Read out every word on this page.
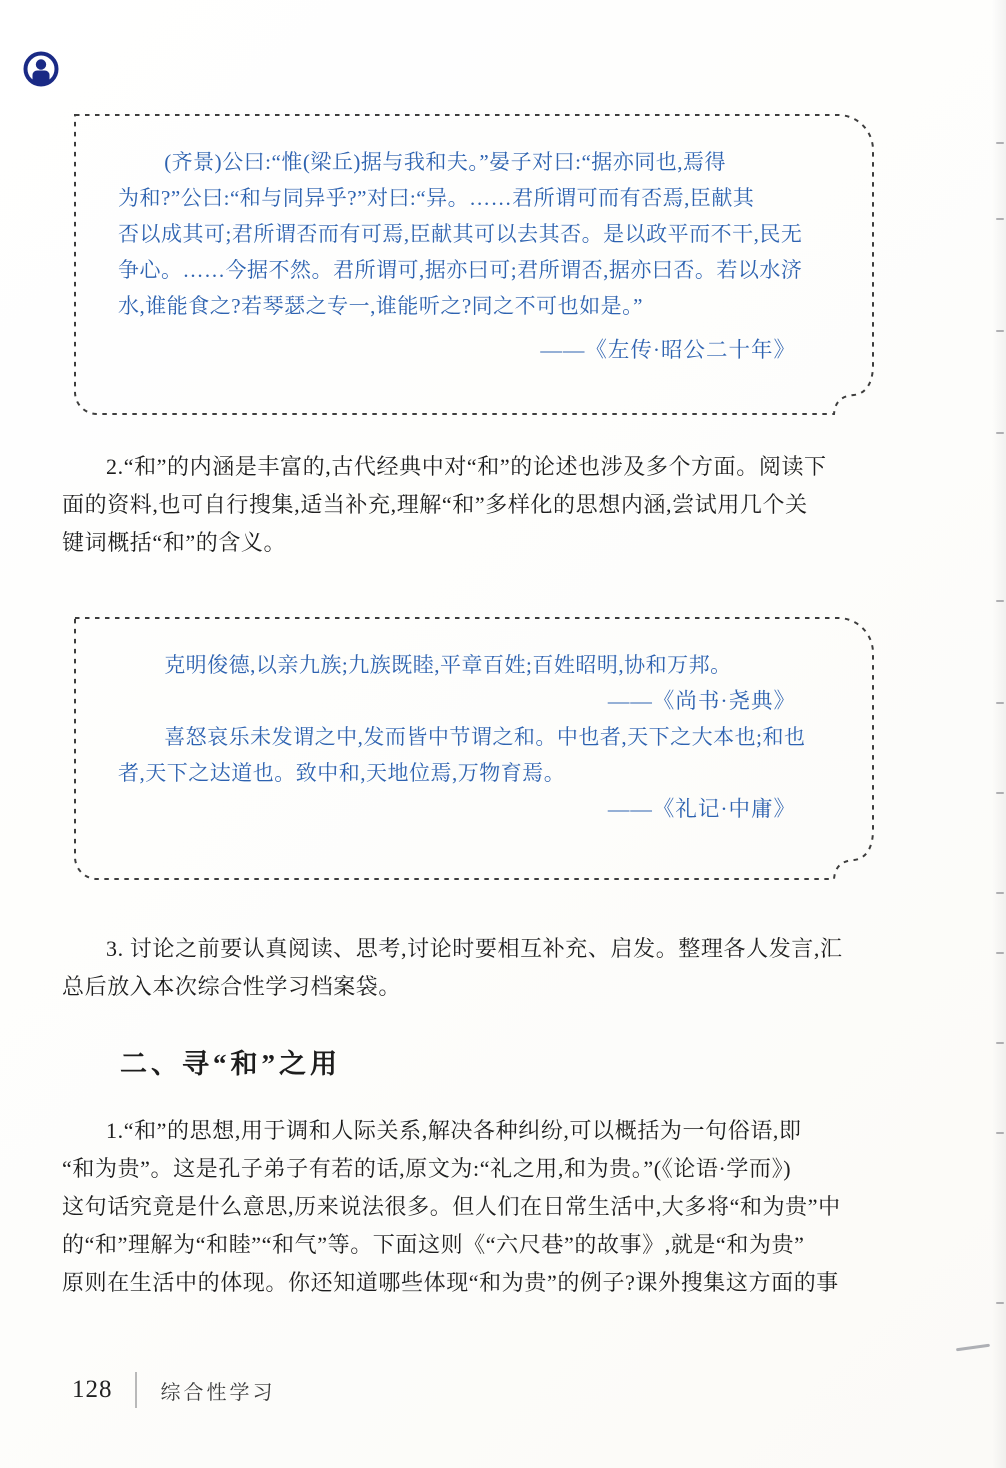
(齐景)公曰:“惟(梁丘)据与我和夫。”晏子对曰:“据亦同也,焉得
为和?”公曰:“和与同异乎?”对曰:“异。……君所谓可而有否焉,臣献其
否以成其可;君所谓否而有可焉,臣献其可以去其否。是以政平而不干,民无
争心。……今据不然。君所谓可,据亦曰可;君所谓否,据亦曰否。若以水济
水,谁能食之?若琴瑟之专一,谁能听之?同之不可也如是。”
——《左传·昭公二十年》
2.“和”的内涵是丰富的,古代经典中对“和”的论述也涉及多个方面。阅读下
面的资料,也可自行搜集,适当补充,理解“和”多样化的思想内涵,尝试用几个关
键词概括“和”的含义。
克明俊德,以亲九族;九族既睦,平章百姓;百姓昭明,协和万邦。
——《尚书·尧典》
喜怒哀乐未发谓之中,发而皆中节谓之和。中也者,天下之大本也;和也
者,天下之达道也。致中和,天地位焉,万物育焉。
——《礼记·中庸》
3. 讨论之前要认真阅读、思考,讨论时要相互补充、启发。整理各人发言,汇
总后放入本次综合性学习档案袋。
二、寻“和”之用
1.“和”的思想,用于调和人际关系,解决各种纠纷,可以概括为一句俗语,即
“和为贵”。这是孔子弟子有若的话,原文为:“礼之用,和为贵。”(《论语·学而》)
这句话究竟是什么意思,历来说法很多。但人们在日常生活中,大多将“和为贵”中
的“和”理解为“和睦”“和气”等。下面这则《“六尺巷”的故事》,就是“和为贵”
原则在生活中的体现。你还知道哪些体现“和为贵”的例子?课外搜集这方面的事
128 综合性学习
